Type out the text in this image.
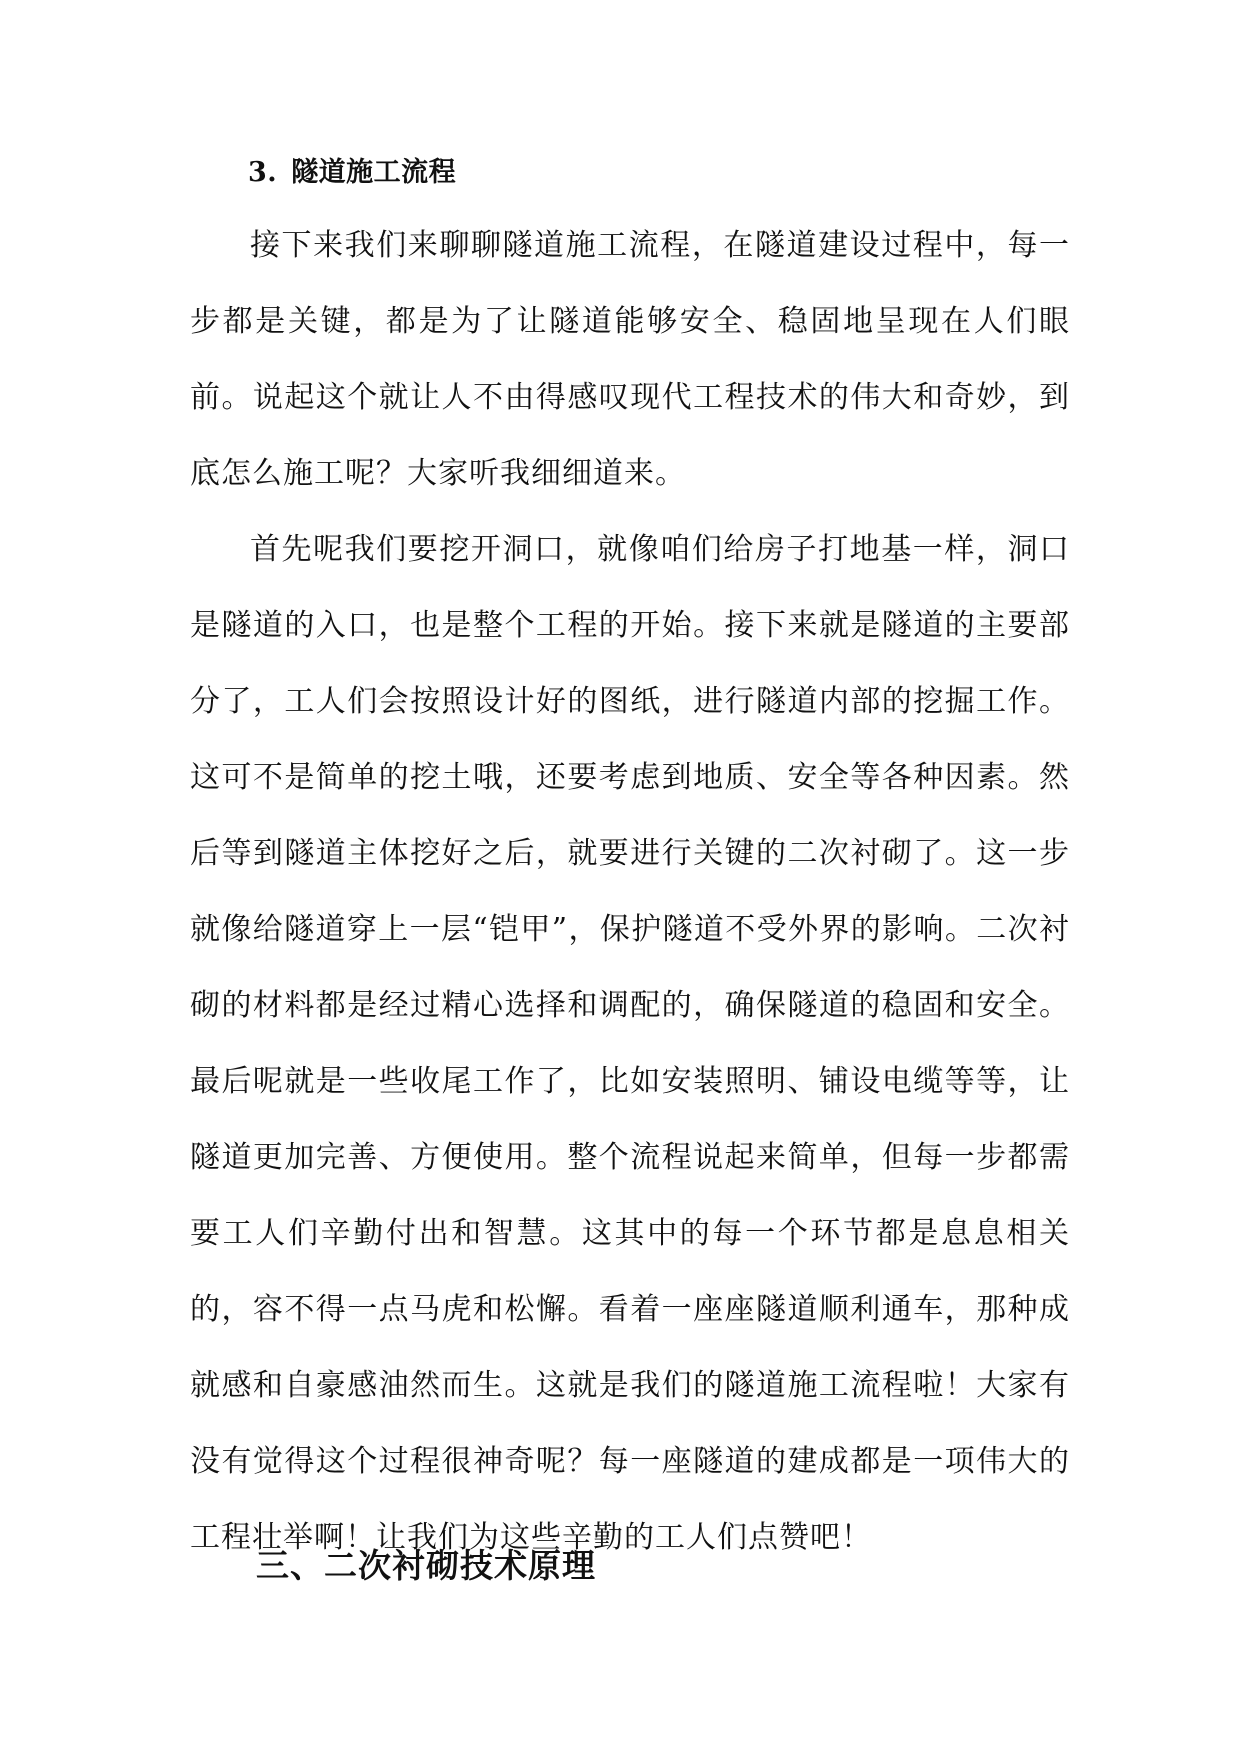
3. 隧道施工流程

接下来我们来聊聊隧道施工流程，在隧道建设过程中，每一步都是关键，都是为了让隧道能够安全、稳固地呈现在人们眼前。说起这个就让人不由得感叹现代工程技术的伟大和奇妙，到底怎么施工呢？大家听我细细道来。

首先呢我们要挖开洞口，就像咱们给房子打地基一样，洞口是隧道的入口，也是整个工程的开始。接下来就是隧道的主要部分了，工人们会按照设计好的图纸，进行隧道内部的挖掘工作。这可不是简单的挖土哦，还要考虑到地质、安全等各种因素。然后等到隧道主体挖好之后，就要进行关键的二次衬砌了。这一步就像给隧道穿上一层“铠甲”，保护隧道不受外界的影响。二次衬砌的材料都是经过精心选择和调配的，确保隧道的稳固和安全。最后呢就是一些收尾工作了，比如安装照明、铺设电缆等等，让隧道更加完善、方便使用。整个流程说起来简单，但每一步都需要工人们辛勤付出和智慧。这其中的每一个环节都是息息相关的，容不得一点马虎和松懈。看着一座座隧道顺利通车，那种成就感和自豪感油然而生。这就是我们的隧道施工流程啦！大家有没有觉得这个过程很神奇呢？每一座隧道的建成都是一项伟大的工程壮举啊！让我们为这些辛勤的工人们点赞吧！

三、二次衬砌技术原理
